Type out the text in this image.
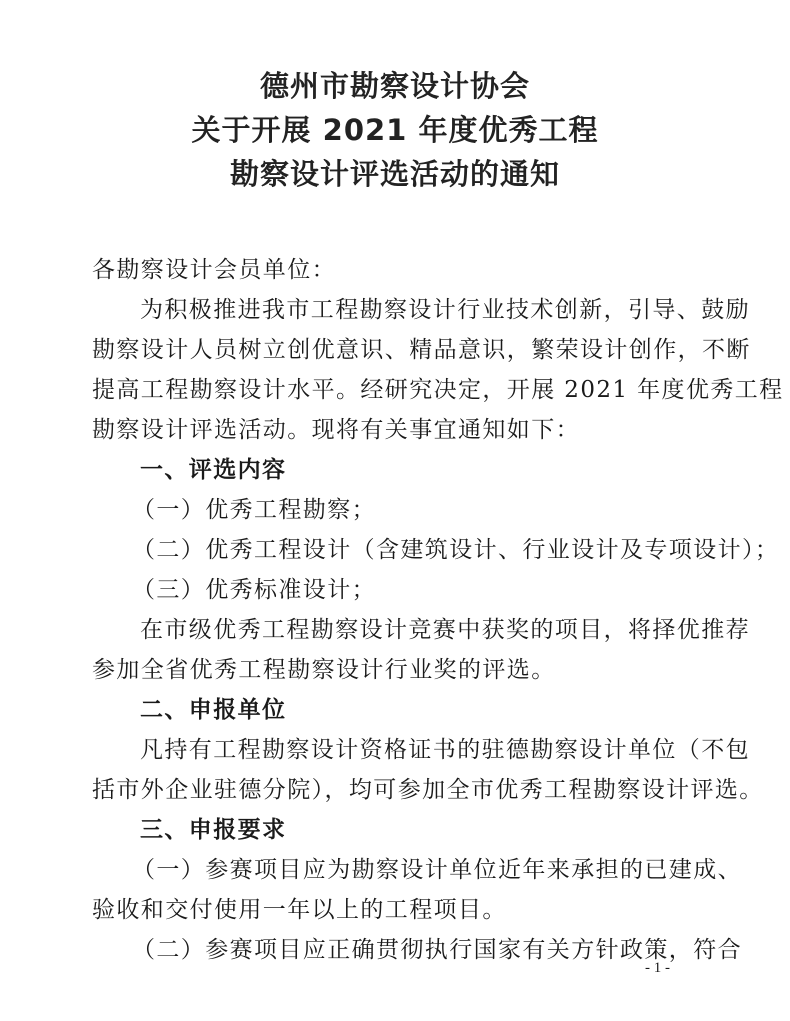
德州市勘察设计协会
关于开展 2021 年度优秀工程
勘察设计评选活动的通知
各勘察设计会员单位：
为积极推进我市工程勘察设计行业技术创新，引导、鼓励
勘察设计人员树立创优意识、精品意识，繁荣设计创作，不断
提高工程勘察设计水平。经研究决定，开展 2021 年度优秀工程
勘察设计评选活动。现将有关事宜通知如下：
一、评选内容
（一）优秀工程勘察；
（二）优秀工程设计（含建筑设计、行业设计及专项设计）；
（三）优秀标准设计；
在市级优秀工程勘察设计竞赛中获奖的项目，将择优推荐
参加全省优秀工程勘察设计行业奖的评选。
二、申报单位
凡持有工程勘察设计资格证书的驻德勘察设计单位（不包
括市外企业驻德分院），均可参加全市优秀工程勘察设计评选。
三、申报要求
（一）参赛项目应为勘察设计单位近年来承担的已建成、
验收和交付使用一年以上的工程项目。
（二）参赛项目应正确贯彻执行国家有关方针政策，符合
- 1 -
